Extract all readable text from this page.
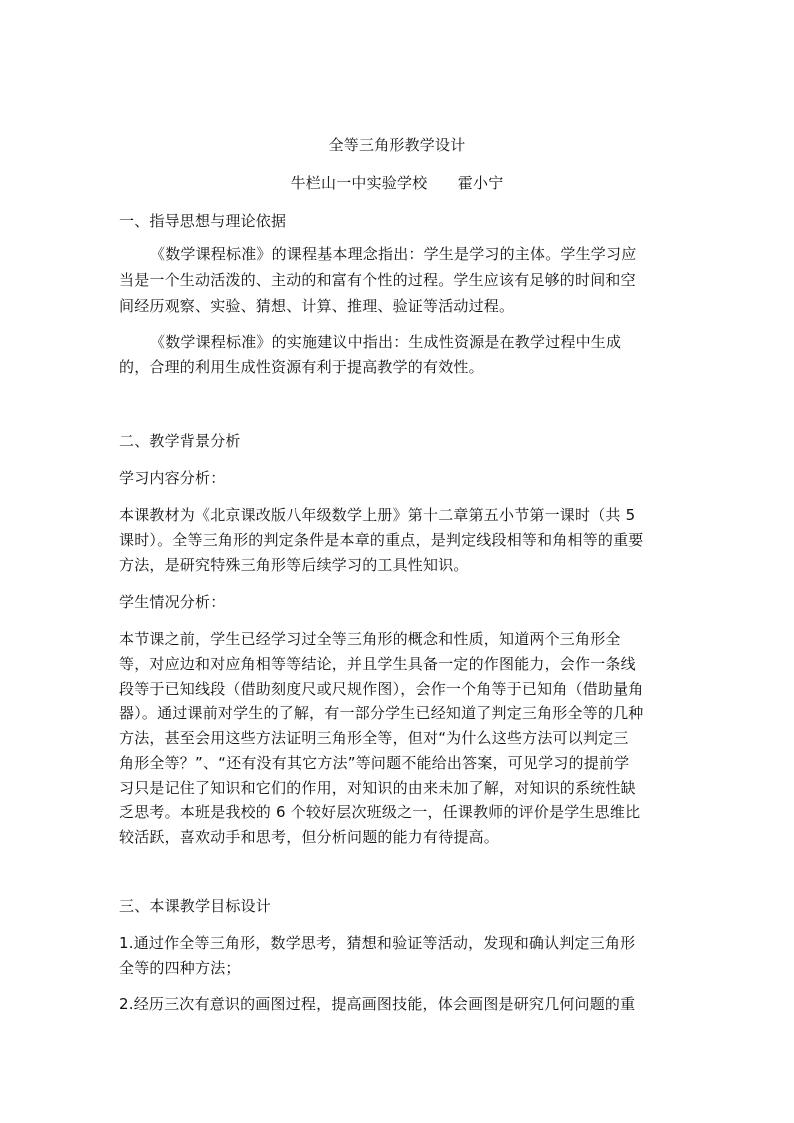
全等三角形教学设计
牛栏山一中实验学校　　霍小宁
一、指导思想与理论依据
《数学课程标准》的课程基本理念指出：学生是学习的主体。学生学习应
当是一个生动活泼的、主动的和富有个性的过程。学生应该有足够的时间和空
间经历观察、实验、猜想、计算、推理、验证等活动过程。
《数学课程标准》的实施建议中指出：生成性资源是在教学过程中生成
的，合理的利用生成性资源有利于提高教学的有效性。
二、教学背景分析
学习内容分析：
本课教材为《北京课改版八年级数学上册》第十二章第五小节第一课时（共 5
课时）。全等三角形的判定条件是本章的重点，是判定线段相等和角相等的重要
方法，是研究特殊三角形等后续学习的工具性知识。
学生情况分析：
本节课之前，学生已经学习过全等三角形的概念和性质，知道两个三角形全
等，对应边和对应角相等等结论，并且学生具备一定的作图能力，会作一条线
段等于已知线段（借助刻度尺或尺规作图），会作一个角等于已知角（借助量角
器）。通过课前对学生的了解，有一部分学生已经知道了判定三角形全等的几种
方法，甚至会用这些方法证明三角形全等，但对“为什么这些方法可以判定三
角形全等？”、“还有没有其它方法”等问题不能给出答案，可见学习的提前学
习只是记住了知识和它们的作用，对知识的由来未加了解，对知识的系统性缺
乏思考。本班是我校的 6 个较好层次班级之一，任课教师的评价是学生思维比
较活跃，喜欢动手和思考，但分析问题的能力有待提高。
三、本课教学目标设计
1.通过作全等三角形，数学思考，猜想和验证等活动，发现和确认判定三角形
全等的四种方法；
2.经历三次有意识的画图过程，提高画图技能，体会画图是研究几何问题的重
